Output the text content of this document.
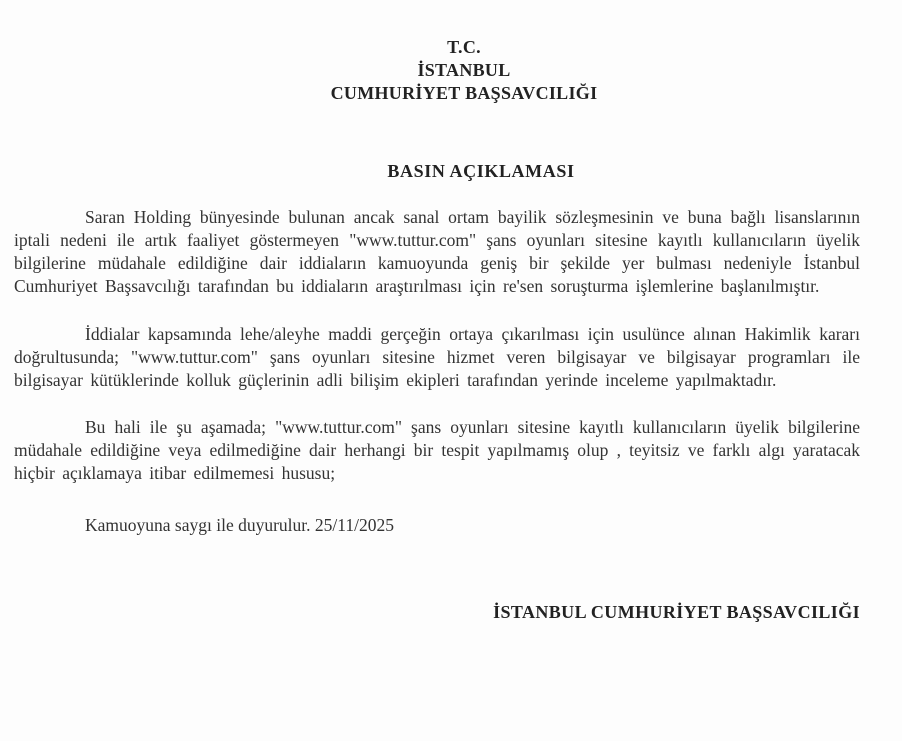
T.C.
İSTANBUL
CUMHURİYET BAŞSAVCILIĞI
BASIN AÇIKLAMASI

Saran Holding bünyesinde bulunan ancak sanal ortam bayilik sözleşmesinin ve buna bağlı lisanslarının iptali nedeni ile artık faaliyet göstermeyen "www.tuttur.com" şans oyunları sitesine kayıtlı kullanıcıların üyelik bilgilerine müdahale edildiğine dair iddiaların kamuoyunda geniş bir şekilde yer bulması nedeniyle İstanbul Cumhuriyet Başsavcılığı tarafından bu iddiaların araştırılması için re'sen soruşturma işlemlerine başlanılmıştır.

İddialar kapsamında lehe/aleyhe maddi gerçeğin ortaya çıkarılması için usulünce alınan Hakimlik kararı doğrultusunda; "www.tuttur.com" şans oyunları sitesine hizmet veren bilgisayar ve bilgisayar programları ile bilgisayar kütüklerinde kolluk güçlerinin adli bilişim ekipleri tarafından yerinde inceleme yapılmaktadır.

Bu hali ile şu aşamada; "www.tuttur.com" şans oyunları sitesine kayıtlı kullanıcıların üyelik bilgilerine müdahale edildiğine veya edilmediğine dair herhangi bir tespit yapılmamış olup , teyitsiz ve farklı algı yaratacak hiçbir açıklamaya itibar edilmemesi hususu;

Kamuoyuna saygı ile duyurulur. 25/11/2025

İSTANBUL CUMHURİYET BAŞSAVCILIĞI
